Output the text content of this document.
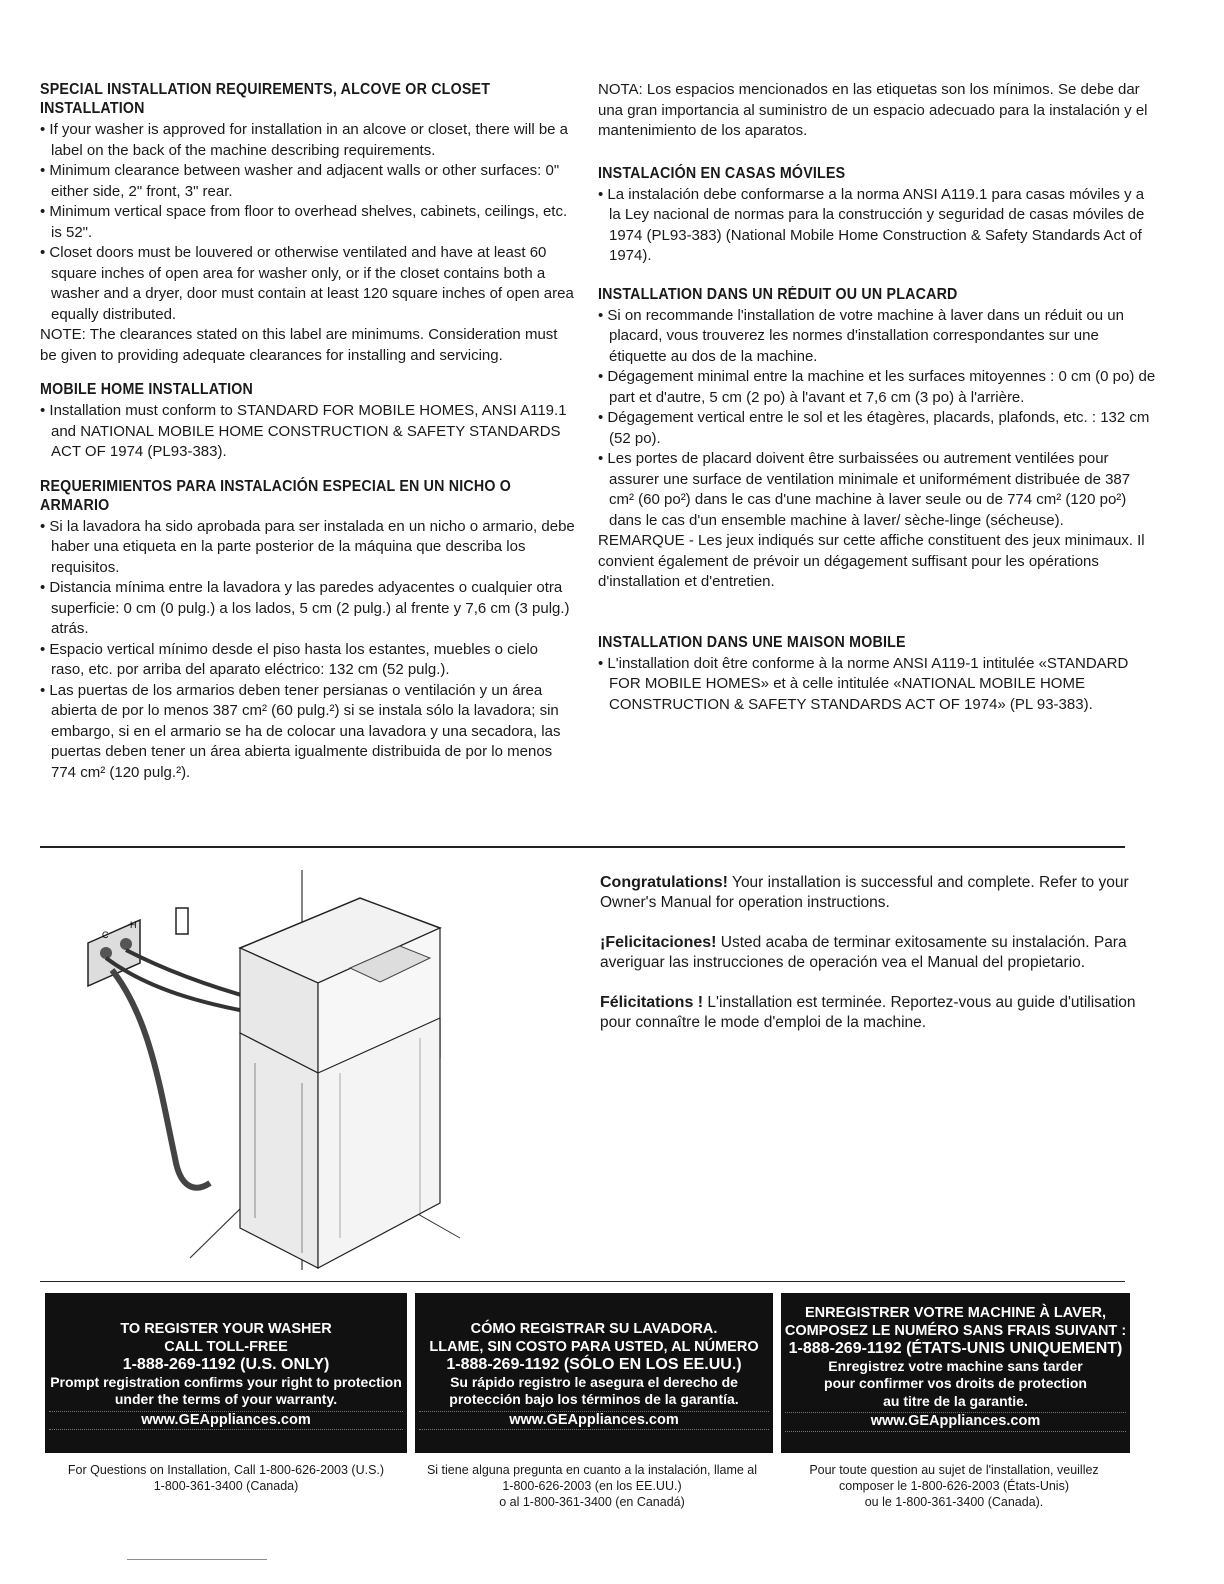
SPECIAL INSTALLATION REQUIREMENTS, ALCOVE OR CLOSET INSTALLATION
• If your washer is approved for installation in an alcove or closet, there will be a label on the back of the machine describing requirements.
• Minimum clearance between washer and adjacent walls or other surfaces: 0" either side, 2" front, 3" rear.
• Minimum vertical space from floor to overhead shelves, cabinets, ceilings, etc. is 52".
• Closet doors must be louvered or otherwise ventilated and have at least 60 square inches of open area for washer only, or if the closet contains both a washer and a dryer, door must contain at least 120 square inches of open area equally distributed.

NOTE: The clearances stated on this label are minimums. Consideration must be given to providing adequate clearances for installing and servicing.

MOBILE HOME INSTALLATION
• Installation must conform to STANDARD FOR MOBILE HOMES, ANSI A119.1 and NATIONAL MOBILE HOME CONSTRUCTION & SAFETY STANDARDS ACT OF 1974 (PL93-383).
REQUERIMIENTOS PARA INSTALACIÓN ESPECIAL EN UN NICHO O ARMARIO
• Si la lavadora ha sido aprobada para ser instalada en un nicho o armario, debe haber una etiqueta en la parte posterior de la máquina que describa los requisitos.
• Distancia mínima entre la lavadora y las paredes adyacentes o cualquier otra superficie: 0 cm (0 pulg.) a los lados, 5 cm (2 pulg.) al frente y 7,6 cm (3 pulg.) atrás.
• Espacio vertical mínimo desde el piso hasta los estantes, muebles o cielo raso, etc. por arriba del aparato eléctrico: 132 cm (52 pulg.).
• Las puertas de los armarios deben tener persianas o ventilación y un área abierta de por lo menos 387 cm² (60 pulg.²) si se instala sólo la lavadora; sin embargo, si en el armario se ha de colocar una lavadora y una secadora, las puertas deben tener un área abierta igualmente distribuida de por lo menos 774 cm² (120 pulg.²).

NOTA: Los espacios mencionados en las etiquetas son los mínimos. Se debe dar una gran importancia al suministro de un espacio adecuado para la instalación y el mantenimiento de los aparatos.

INSTALACIÓN EN CASAS MÓVILES
• La instalación debe conformarse a la norma ANSI A119.1 para casas móviles y a la Ley nacional de normas para la construcción y seguridad de casas móviles de 1974 (PL93-383) (National Mobile Home Construction & Safety Standards Act of 1974).
INSTALLATION DANS UN RÉDUIT OU UN PLACARD
• Si on recommande l'installation de votre machine à laver dans un réduit ou un placard, vous trouverez les normes d'installation correspondantes sur une étiquette au dos de la machine.
• Dégagement minimal entre la machine et les surfaces mitoyennes : 0 cm (0 po) de part et d'autre, 5 cm (2 po) à l'avant et 7,6 cm (3 po) à l'arrière.
• Dégagement vertical entre le sol et les étagères, placards, plafonds, etc. : 132 cm (52 po).
• Les portes de placard doivent être surbaissées ou autrement ventilées pour assurer une surface de ventilation minimale et uniformément distribuée de 387 cm² (60 po²) dans le cas d'une machine à laver seule ou de 774 cm² (120 po²) dans le cas d'un ensemble machine à laver/ sèche-linge (sécheuse).

REMARQUE - Les jeux indiqués sur cette affiche constituent des jeux minimaux. Il convient également de prévoir un dégagement suffisant pour les opérations d'installation et d'entretien.

INSTALLATION DANS UNE MAISON MOBILE
• L'installation doit être conforme à la norme ANSI A119-1 intitulée «STANDARD FOR MOBILE HOMES» et à celle intitulée «NATIONAL MOBILE HOME CONSTRUCTION & SAFETY STANDARDS ACT OF 1974» (PL 93-383).
C
H

Congratulations! Your installation is successful and complete. Refer to your Owner's Manual for operation instructions.

¡Felicitaciones! Usted acaba de terminar exitosamente su instalación. Para averiguar las instrucciones de operación vea el Manual del propietario.

Félicitations ! L'installation est terminée. Reportez-vous au guide d'utilisation pour connaître le mode d'emploi de la machine.

TO REGISTER YOUR WASHER
CALL TOLL-FREE
1-888-269-1192 (U.S. ONLY)
Prompt registration confirms your right to protection
under the terms of your warranty.
www.GEAppliances.com
CÓMO REGISTRAR SU LAVADORA.
LLAME, SIN COSTO PARA USTED, AL NÚMERO
1-888-269-1192 (SÓLO EN LOS EE.UU.)
Su rápido registro le asegura el derecho de
protección bajo los términos de la garantía.
www.GEAppliances.com
ENREGISTRER VOTRE MACHINE À LAVER,
COMPOSEZ LE NUMÉRO SANS FRAIS SUIVANT :
1-888-269-1192 (ÉTATS-UNIS UNIQUEMENT)
Enregistrez votre machine sans tarder
pour confirmer vos droits de protection
au titre de la garantie.
www.GEAppliances.com
For Questions on Installation, Call 1-800-626-2003 (U.S.)
1-800-361-3400 (Canada)
Si tiene alguna pregunta en cuanto a la instalación, llame al
1-800-626-2003 (en los EE.UU.)
o al 1-800-361-3400 (en Canadá)
Pour toute question au sujet de l'installation, veuillez
composer le 1-800-626-2003 (États-Unis)
ou le 1-800-361-3400 (Canada).
